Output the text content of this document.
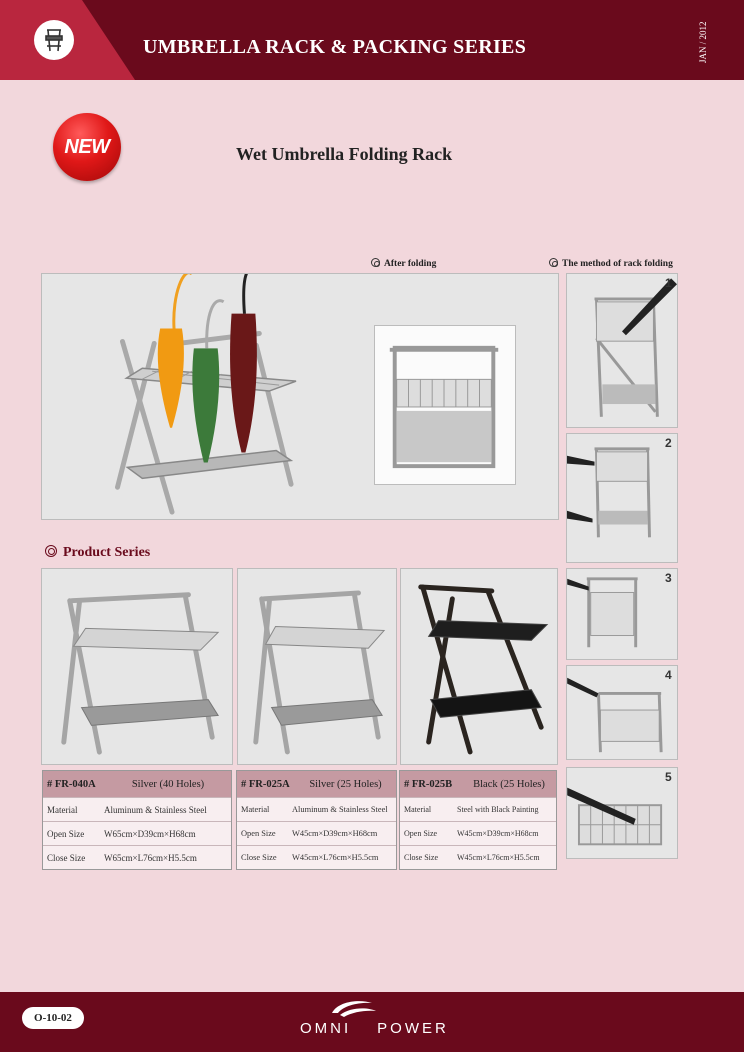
UMBRELLA RACK & PACKING SERIES	JAN / 2012
NEW	Wet Umbrella Folding Rack
After folding	The method of rack folding
1
2
3
4
5
Product Series
# FR-040A	Silver (40 Holes)
Material	Aluminum & Stainless Steel
Open Size	W65cm×D39cm×H68cm
Close Size	W65cm×L76cm×H5.5cm
# FR-025A	Silver (25 Holes)
Material	Aluminum & Stainless Steel
Open Size	W45cm×D39cm×H68cm
Close Size	W45cm×L76cm×H5.5cm
# FR-025B	Black (25 Holes)
Material	Steel with Black Painting
Open Size	W45cm×D39cm×H68cm
Close Size	W45cm×L76cm×H5.5cm
O-10-02
OMNI POWER
